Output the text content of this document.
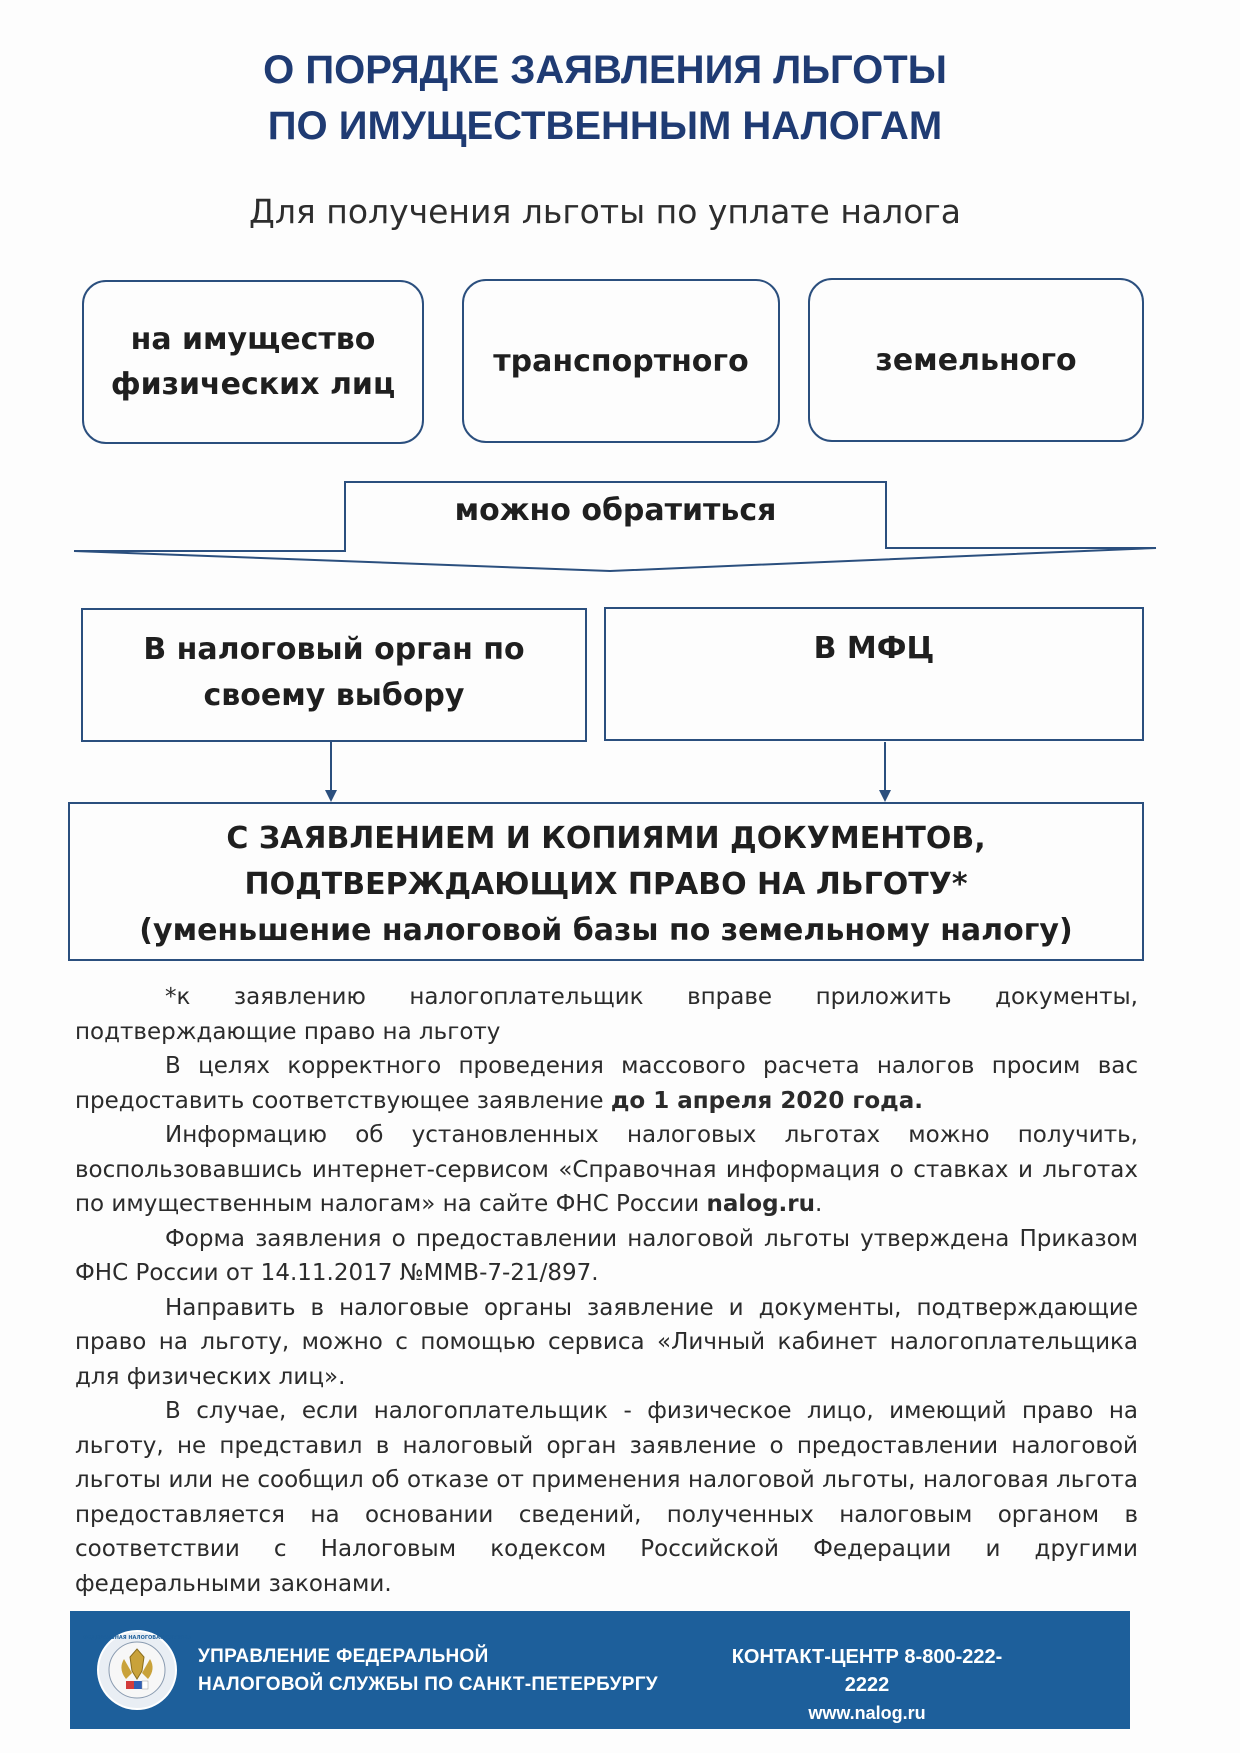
О ПОРЯДКЕ ЗАЯВЛЕНИЯ ЛЬГОТЫ
ПО ИМУЩЕСТВЕННЫМ НАЛОГАМ
Для получения льготы по уплате налога
на имущество
физических лиц
транспортного	земельного
можно обратиться
В налоговый орган по
своему выбору
В МФЦ
С ЗАЯВЛЕНИЕМ И КОПИЯМИ ДОКУМЕНТОВ,
ПОДТВЕРЖДАЮЩИХ ПРАВО НА ЛЬГОТУ*
(уменьшение налоговой базы по земельному налогу)

*к заявлению налогоплательщик вправе приложить документы, подтверждающие право на льготу

В целях корректного проведения массового расчета налогов просим вас предоставить соответствующее заявление до 1 апреля 2020 года.

Информацию об установленных налоговых льготах можно получить, воспользовавшись интернет-сервисом «Справочная информация о ставках и льготах по имущественным налогам» на сайте ФНС России nalog.ru.

Форма заявления о предоставлении налоговой льготы утверждена Приказом ФНС России от 14.11.2017 №ММВ-7-21/897.

Направить в налоговые органы заявление и документы, подтверждающие право на льготу, можно с помощью сервиса «Личный кабинет налогоплательщика для физических лиц».

В случае, если налогоплательщик - физическое лицо, имеющий право на льготу, не представил в налоговый орган заявление о предоставлении налоговой льготы или не сообщил об отказе от применения налоговой льготы, налоговая льгота предоставляется на основании сведений, полученных налоговым органом в соответствии с Налоговым кодексом Российской Федерации и другими федеральными законами.

ФЕДЕРАЛЬНАЯ НАЛОГОВАЯ СЛУЖБА
УПРАВЛЕНИЕ ФЕДЕРАЛЬНОЙ
НАЛОГОВОЙ СЛУЖБЫ ПО САНКТ-ПЕТЕРБУРГУ
КОНТАКТ-ЦЕНТР 8-800-222-2222
www.nalog.ru
